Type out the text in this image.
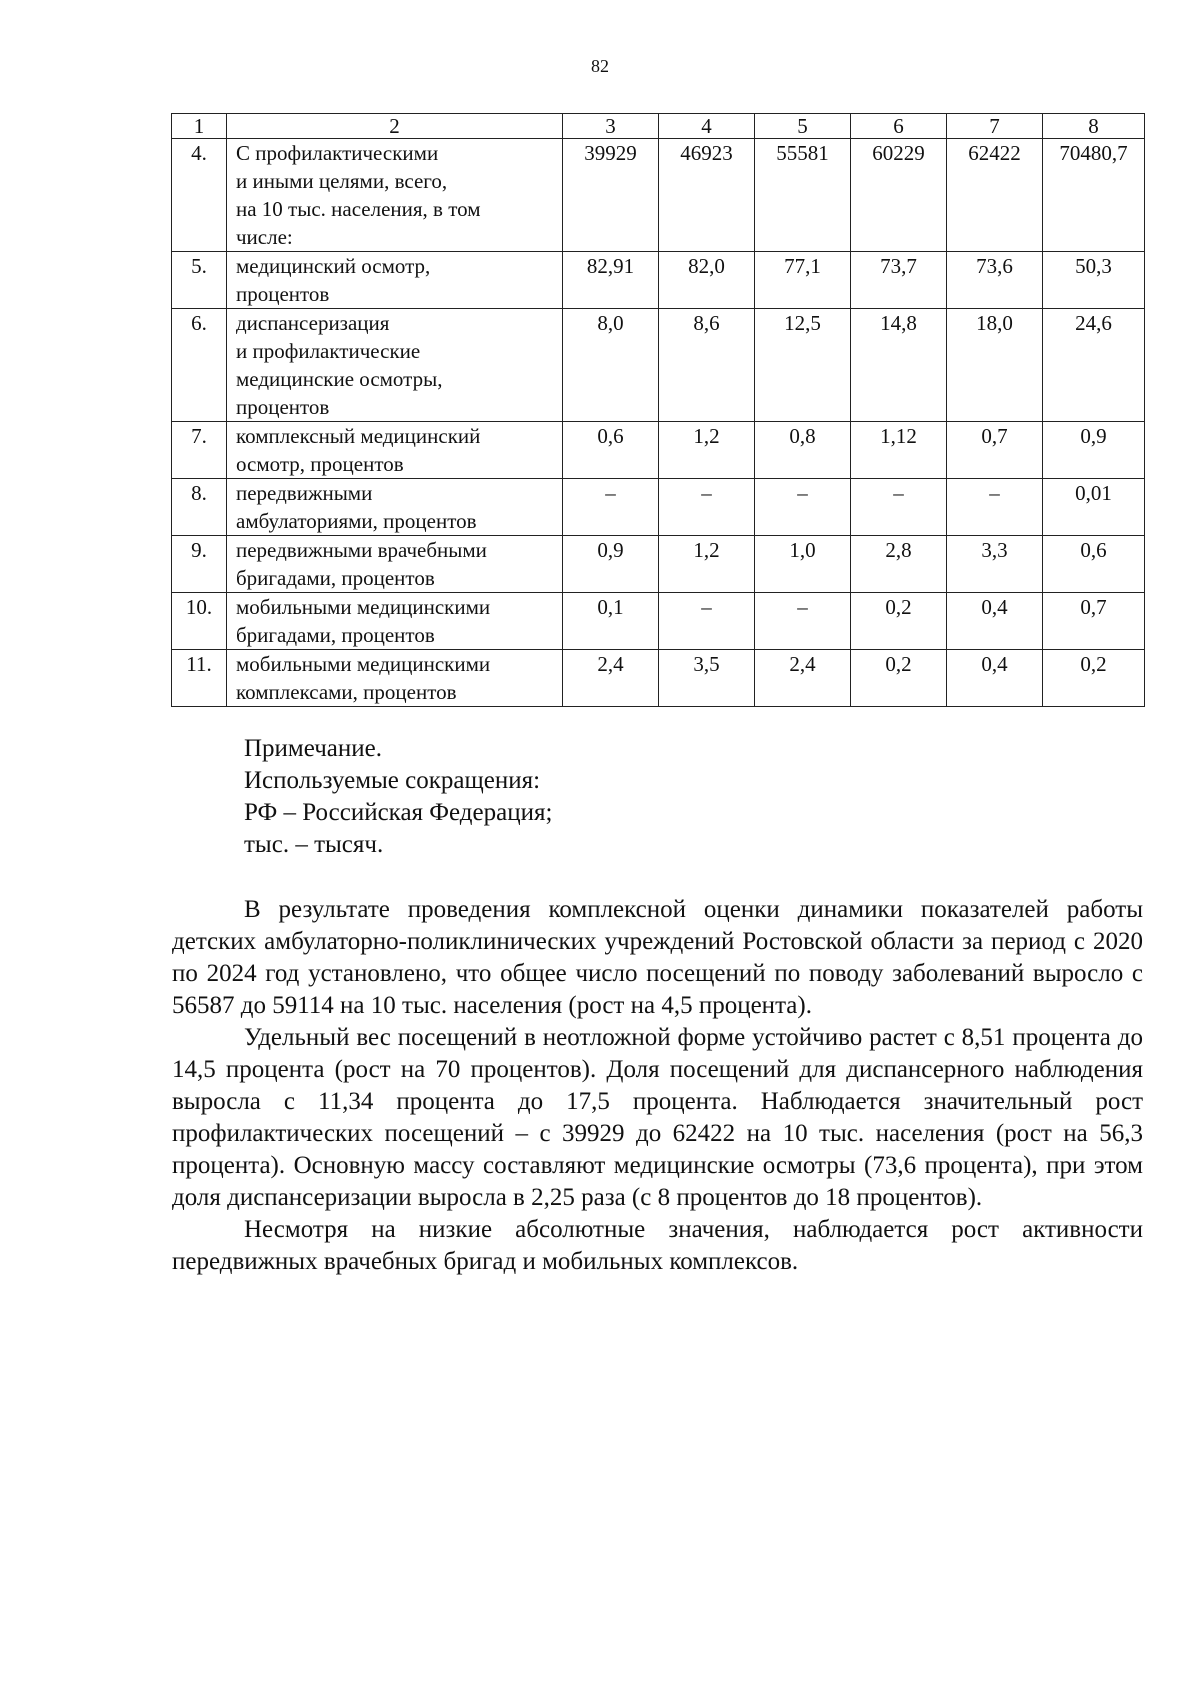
82
1	2	3	4	5	6	7	8
4.	С профилактическими
и иными целями, всего,
на 10 тыс. населения, в том
числе:	39929	46923	55581	60229	62422	70480,7
5.	медицинский осмотр,
процентов	82,91	82,0	77,1	73,7	73,6	50,3
6.	диспансеризация
и профилактические
медицинские осмотры,
процентов	8,0	8,6	12,5	14,8	18,0	24,6
7.	комплексный медицинский
осмотр, процентов	0,6	1,2	0,8	1,12	0,7	0,9
8.	передвижными
амбулаториями, процентов	–	–	–	–	–	0,01
9.	передвижными врачебными
бригадами, процентов	0,9	1,2	1,0	2,8	3,3	0,6
10.	мобильными медицинскими
бригадами, процентов	0,1	–	–	0,2	0,4	0,7
11.	мобильными медицинскими
комплексами, процентов	2,4	3,5	2,4	0,2	0,4	0,2
Примечание.
Используемые сокращения:
РФ – Российская Федерация;
тыс. – тысяч.

В результате проведения комплексной оценки динамики показателей работы детских амбулаторно-поликлинических учреждений Ростовской области за период с 2020 по 2024 год установлено, что общее число посещений по поводу заболеваний выросло с 56587 до 59114 на 10 тыс. населения (рост на 4,5 процента).

Удельный вес посещений в неотложной форме устойчиво растет с 8,51 процента до 14,5 процента (рост на 70 процентов). Доля посещений для диспансерного наблюдения выросла с 11,34 процента до 17,5 процента. Наблюдается значительный рост профилактических посещений – с 39929 до 62422 на 10 тыс. населения (рост на 56,3 процента). Основную массу составляют медицинские осмотры (73,6 процента), при этом доля диспансеризации выросла в 2,25 раза (с 8 процентов до 18 процентов).

Несмотря на низкие абсолютные значения, наблюдается рост активности передвижных врачебных бригад и мобильных комплексов.
